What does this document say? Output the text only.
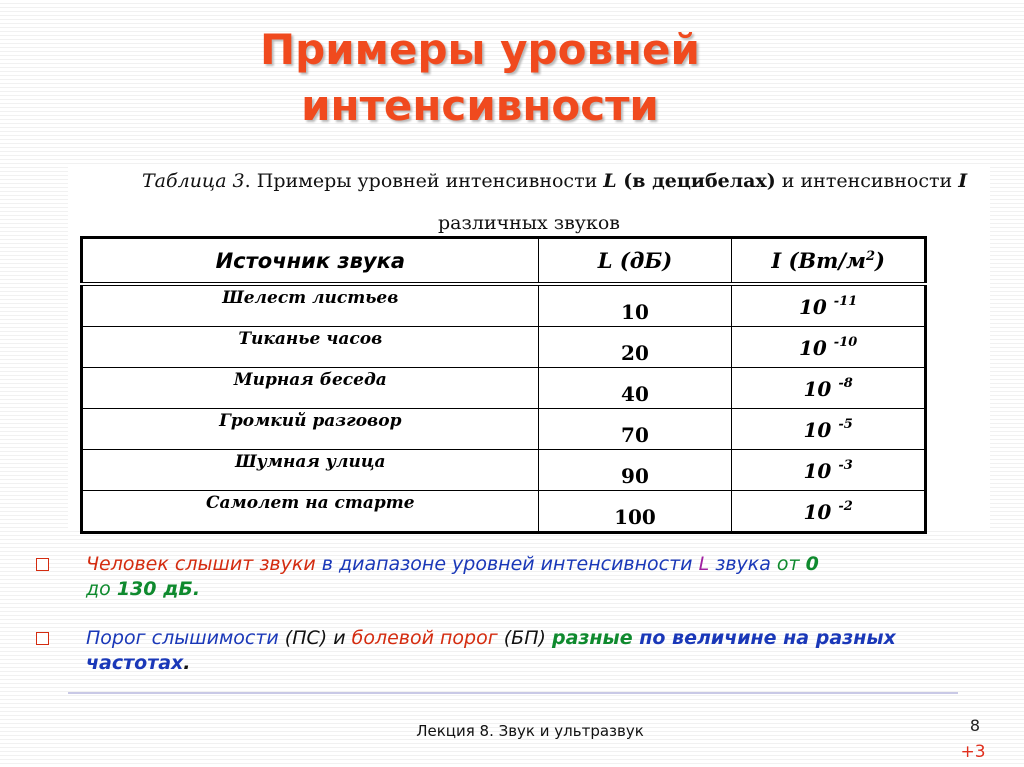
Примеры уровней
интенсивности
Таблица 3. Примеры уровней интенсивности L (в децибелах) и интенсивности I
различных звуков
Источник звука	L (дБ)	I $(Вт/м^2)$
Шелест листьев	10	10 $^{-11}$
Тиканье часов	20	10 $^{-10}$
Мирная беседа	40	10 $^{-8}$
Громкий разговор	70	10 $^{-5}$
Шумная улица	90	10 $^{-3}$
Самолет на старте	100	10 $^{-2}$
Человек слышит звуки в диапазоне уровней интенсивности L звука от 0
до 130 дБ.
Порог слышимости (ПС) и болевой порог (БП) разные по величине на разных частотах.
Лекция 8. Звук и ультразвук	8
+3
